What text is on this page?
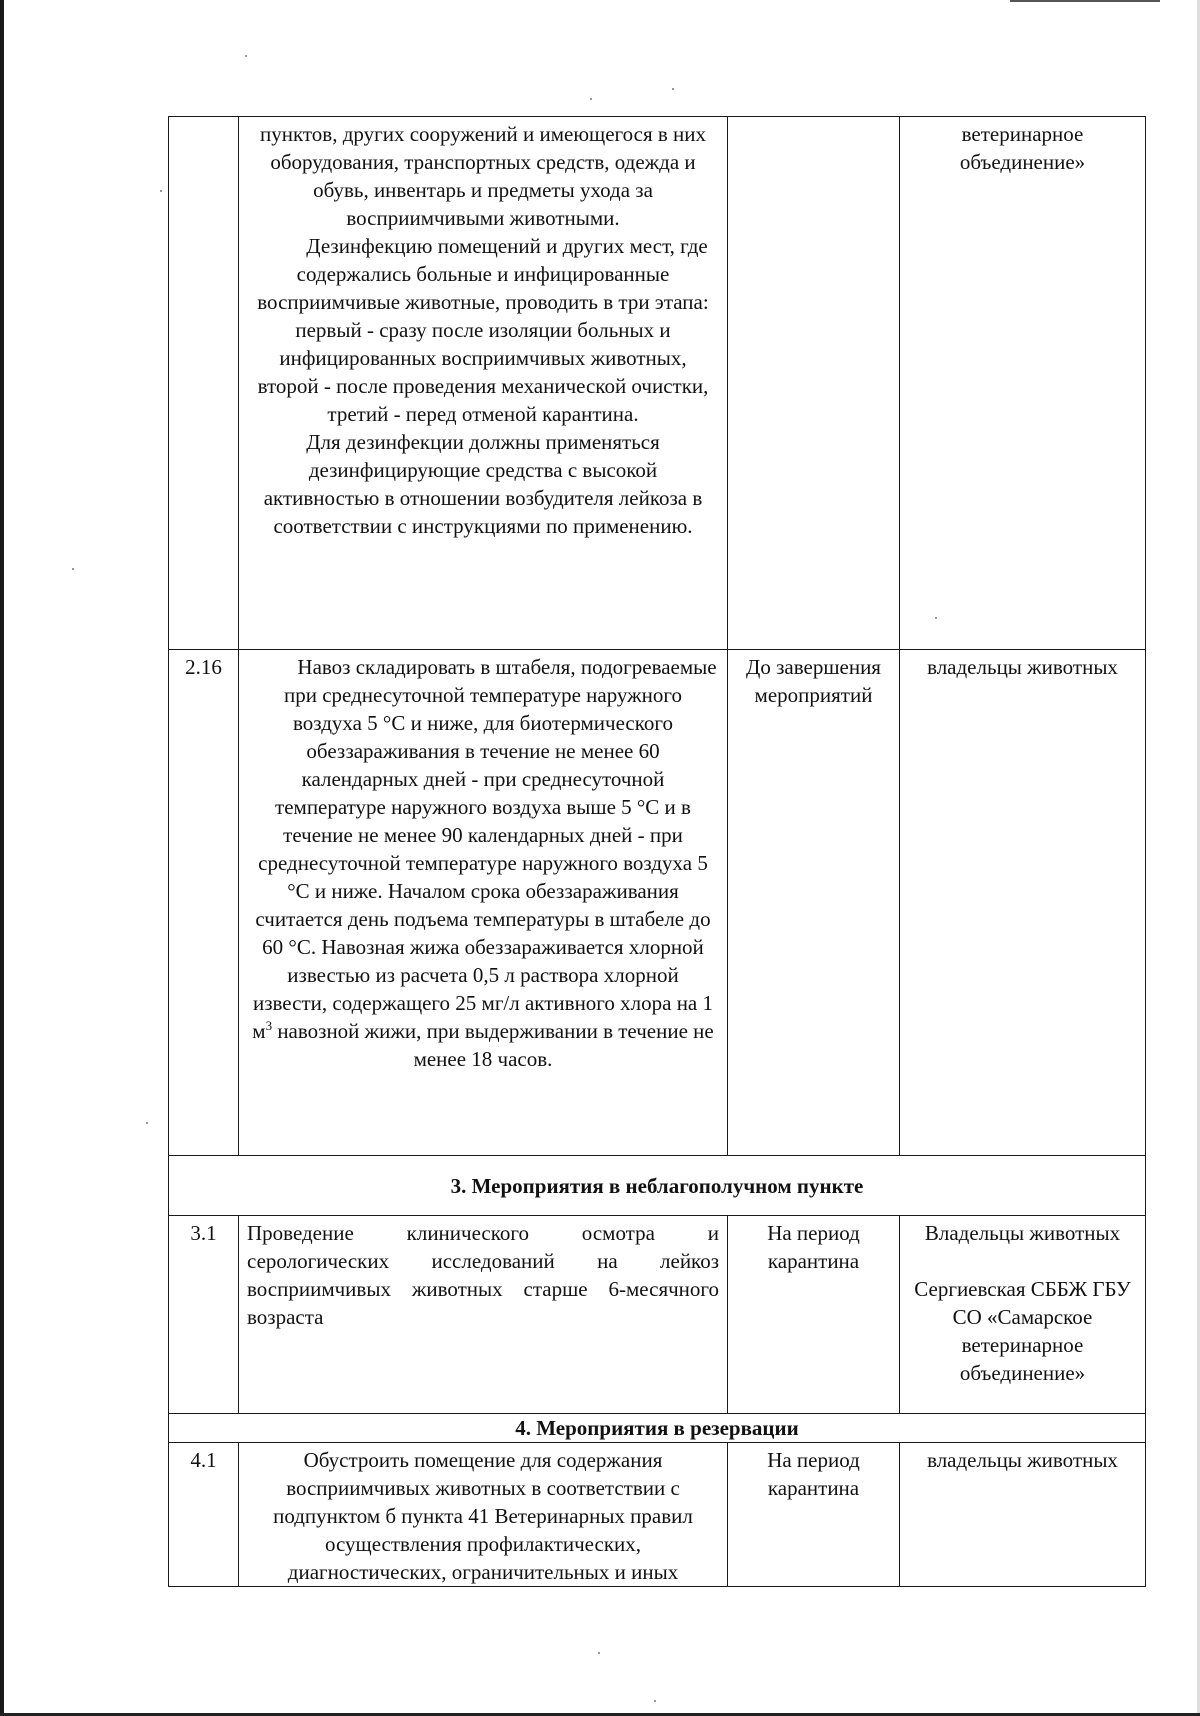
	пунктов, других сооружений и имеющегося в них оборудования, транспортных средств, одежда и обувь, инвентарь и предметы ухода за восприимчивыми животными.

Дезинфекцию помещений и других мест, где содержались больные и инфицированные восприимчивые животные, проводить в три этапа: первый - сразу после изоляции больных и инфицированных восприимчивых животных, второй - после проведения механической очистки, третий - перед отменой карантина.

Для дезинфекции должны применяться дезинфицирующие средства с высокой активностью в отношении возбудителя лейкоза в соответствии с инструкциями по применению.		ветеринарное объединение»
2.16	Навоз складировать в штабеля, подогреваемые при среднесуточной температуре наружного воздуха 5 °С и ниже, для биотермического обеззараживания в течение не менее 60 календарных дней - при среднесуточной температуре наружного воздуха выше 5 °С и в течение не менее 90 календарных дней - при среднесуточной температуре наружного воздуха 5 °С и ниже. Началом срока обеззараживания считается день подъема температуры в штабеле до 60 °С. Навозная жижа обеззараживается хлорной известью из расчета 0,5 л раствора хлорной извести, содержащего 25 мг/л активного хлора на 1 $м^3$ навозной жижи, при выдерживании в течение не менее 18 часов.	До завершения мероприятий	владельцы животных
3. Мероприятия в неблагополучном пункте			
3.1	Проведение клинического осмотра и серологических исследований на лейкоз восприимчивых животных старше 6-месячного возраста	На период карантина	Владельцы животных

Сергиевская СББЖ ГБУ СО «Самарское ветеринарное объединение»

4. Мероприятия в резервации			
4.1	Обустроить помещение для содержания восприимчивых животных в соответствии с подпунктом б пункта 41 Ветеринарных правил осуществления профилактических, диагностических, ограничительных и иных	На период карантина	владельцы животных
